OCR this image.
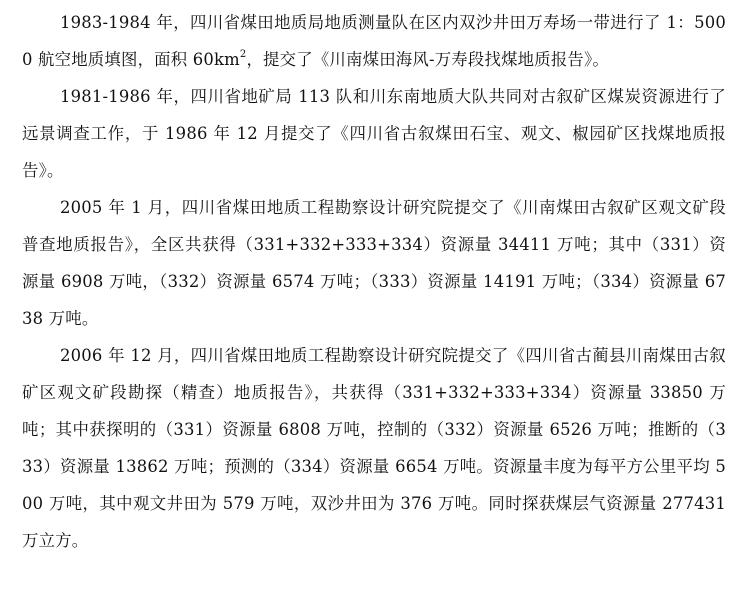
1983-1984 年，四川省煤田地质局地质测量队在区内双沙井田万寿场一带进行了 1：5000 航空地质填图，面积 $60km^2$，提交了《川南煤田海风-万寿段找煤地质报告》。

1981-1986 年，四川省地矿局 113 队和川东南地质大队共同对古叙矿区煤炭资源进行了远景调查工作，于 1986 年 12 月提交了《四川省古叙煤田石宝、观文、椒园矿区找煤地质报告》。

2005 年 1 月，四川省煤田地质工程勘察设计研究院提交了《川南煤田古叙矿区观文矿段普查地质报告》，全区共获得（331+332+333+334）资源量 34411 万吨；其中（331）资源量 6908 万吨，（332）资源量 6574 万吨；（333）资源量 14191 万吨；（334）资源量 6738 万吨。

2006 年 12 月，四川省煤田地质工程勘察设计研究院提交了《四川省古蔺县川南煤田古叙矿区观文矿段勘探（精查）地质报告》，共获得（331+332+333+334）资源量 33850 万吨；其中获探明的（331）资源量 6808 万吨，控制的（332）资源量 6526 万吨；推断的（333）资源量 13862 万吨；预测的（334）资源量 6654 万吨。资源量丰度为每平方公里平均 500 万吨，其中观文井田为 579 万吨，双沙井田为 376 万吨。同时探获煤层气资源量 277431 万立方。
